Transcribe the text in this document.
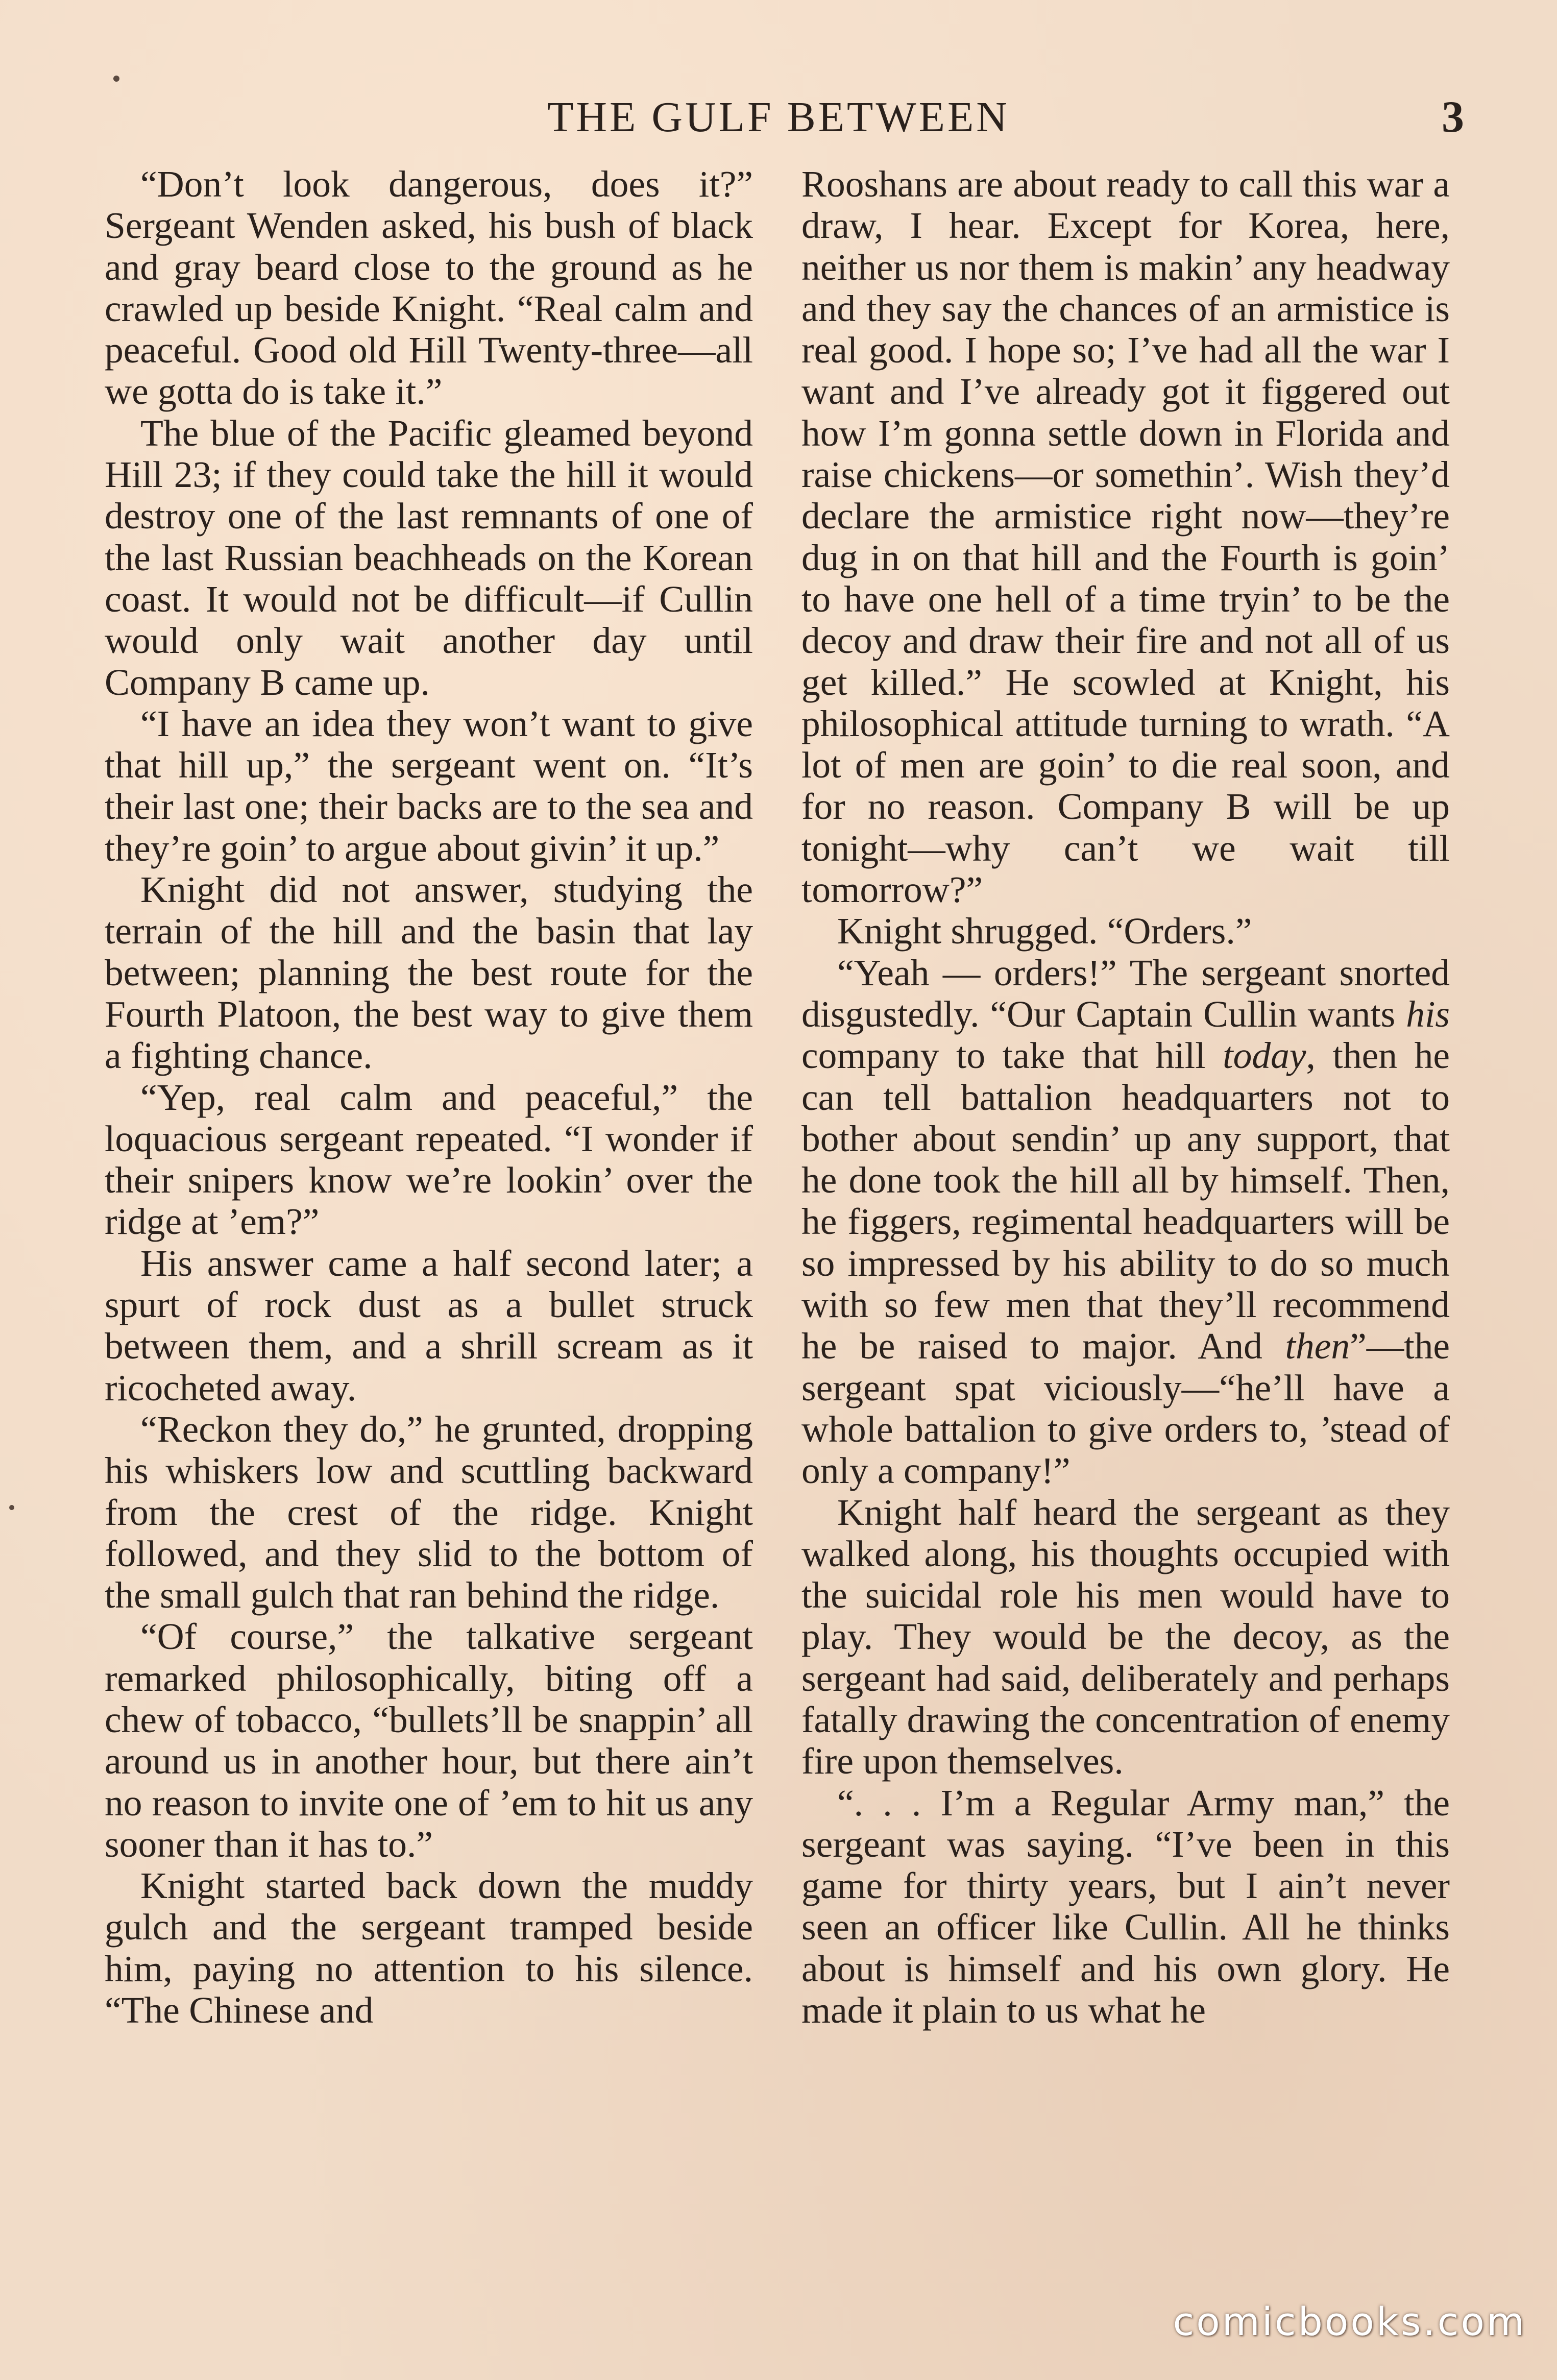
THE GULF BETWEEN	3

“Don’t look dangerous, does it?” Sergeant Wenden asked, his bush of black and gray beard close to the ground as he crawled up beside Knight. “Real calm and peaceful. Good old Hill Twenty-three—all we gotta do is take it.”

The blue of the Pacific gleamed beyond Hill 23; if they could take the hill it would destroy one of the last remnants of one of the last Russian beachheads on the Korean coast. It would not be difficult—if Cullin would only wait another day until Company B came up.

“I have an idea they won’t want to give that hill up,” the sergeant went on. “It’s their last one; their backs are to the sea and they’re goin’ to argue about givin’ it up.”

Knight did not answer, studying the terrain of the hill and the basin that lay between; planning the best route for the Fourth Platoon, the best way to give them a fighting chance.

“Yep, real calm and peaceful,” the loquacious sergeant repeated. “I wonder if their snipers know we’re lookin’ over the ridge at ’em?”

His answer came a half second later; a spurt of rock dust as a bullet struck between them, and a shrill scream as it ricocheted away.

“Reckon they do,” he grunted, dropping his whiskers low and scuttling backward from the crest of the ridge. Knight followed, and they slid to the bottom of the small gulch that ran behind the ridge.

“Of course,” the talkative sergeant remarked philosophically, biting off a chew of tobacco, “bullets’ll be snappin’ all around us in another hour, but there ain’t no reason to invite one of ’em to hit us any sooner than it has to.”

Knight started back down the muddy gulch and the sergeant tramped beside him, paying no attention to his silence. “The Chinese and

Rooshans are about ready to call this war a draw, I hear. Except for Korea, here, neither us nor them is makin’ any headway and they say the chances of an armistice is real good. I hope so; I’ve had all the war I want and I’ve already got it figgered out how I’m gonna settle down in Florida and raise chickens—or somethin’. Wish they’d declare the armistice right now—they’re dug in on that hill and the Fourth is goin’ to have one hell of a time tryin’ to be the decoy and draw their fire and not all of us get killed.” He scowled at Knight, his philosophical attitude turning to wrath. “A lot of men are goin’ to die real soon, and for no reason. Company B will be up tonight—why can’t we wait till tomorrow?”

Knight shrugged. “Orders.”

“Yeah — orders!” The sergeant snorted disgustedly. “Our Captain Cullin wants his company to take that hill today, then he can tell battalion headquarters not to bother about sendin’ up any support, that he done took the hill all by himself. Then, he figgers, regimental headquarters will be so impressed by his ability to do so much with so few men that they’ll recommend he be raised to major. And then”—the sergeant spat viciously—“he’ll have a whole battalion to give orders to, ’stead of only a company!”

Knight half heard the sergeant as they walked along, his thoughts occupied with the suicidal role his men would have to play. They would be the decoy, as the sergeant had said, deliberately and perhaps fatally drawing the concentration of enemy fire upon themselves.

“. . . I’m a Regular Army man,” the sergeant was saying. “I’ve been in this game for thirty years, but I ain’t never seen an officer like Cullin. All he thinks about is himself and his own glory. He made it plain to us what he

comicbooks.com
